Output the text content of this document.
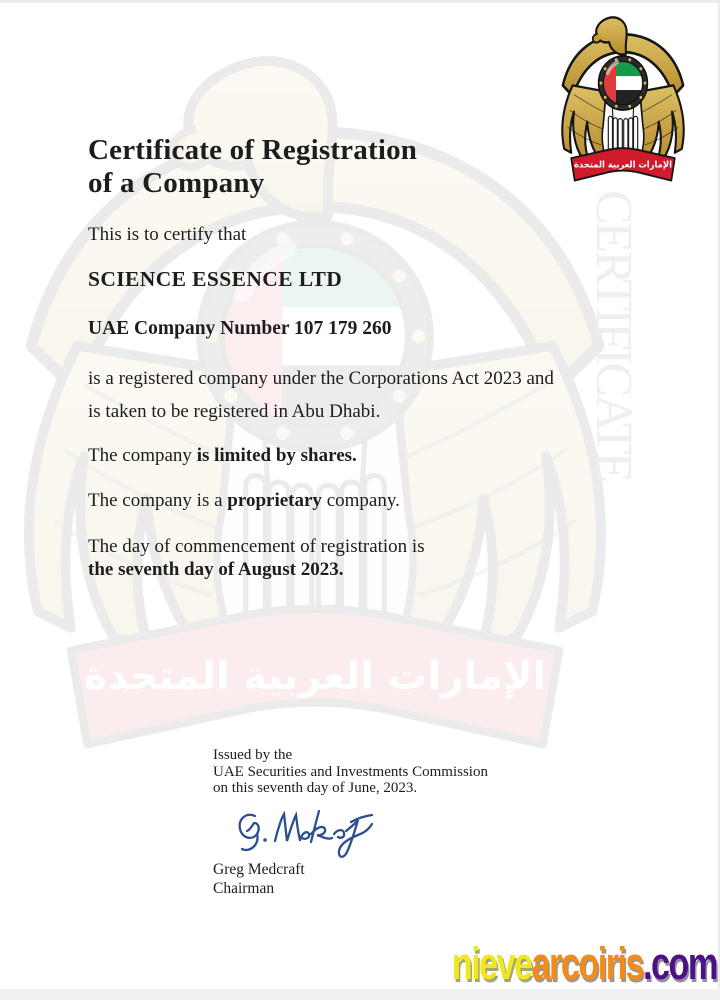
CERTIFICATE
Certificate of Registration
of a Company
This is to certify that
SCIENCE ESSENCE LTD
UAE Company Number 107 179 260
is a registered company under the Corporations Act 2023 and
is taken to be registered in Abu Dhabi.
The company is limited by shares.
The company is a proprietary company.
The day of commencement of registration is
the seventh day of August 2023.
Issued by the
UAE Securities and Investments Commission
on this seventh day of June, 2023.
Greg Medcraft
Chairman
nievearcoiris.com
